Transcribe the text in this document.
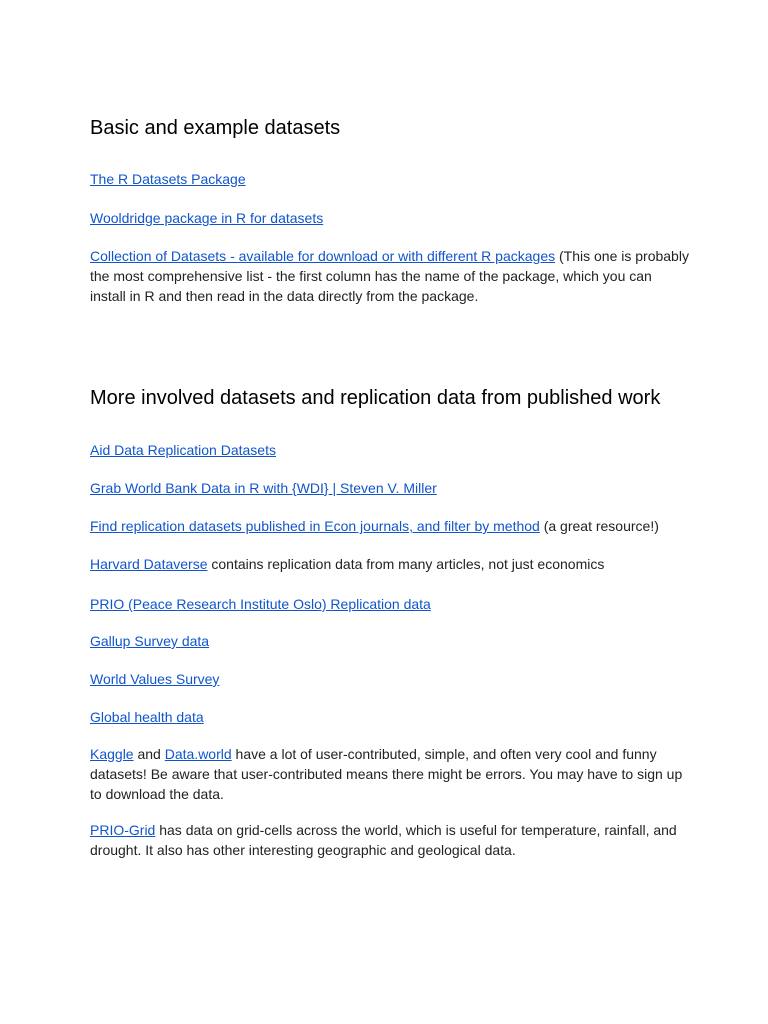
Basic and example datasets

The R Datasets Package

Wooldridge package in R for datasets

Collection of Datasets - available for download or with different R packages (This one is probably the most comprehensive list - the first column has the name of the package, which you can install in R and then read in the data directly from the package.

More involved datasets and replication data from published work

Aid Data Replication Datasets

Grab World Bank Data in R with {WDI} | Steven V. Miller

Find replication datasets published in Econ journals, and filter by method (a great resource!)

Harvard Dataverse contains replication data from many articles, not just economics

PRIO (Peace Research Institute Oslo) Replication data

Gallup Survey data

World Values Survey

Global health data

Kaggle and Data.world have a lot of user-contributed, simple, and often very cool and funny datasets! Be aware that user-contributed means there might be errors. You may have to sign up to download the data.

PRIO-Grid has data on grid-cells across the world, which is useful for temperature, rainfall, and drought. It also has other interesting geographic and geological data.
